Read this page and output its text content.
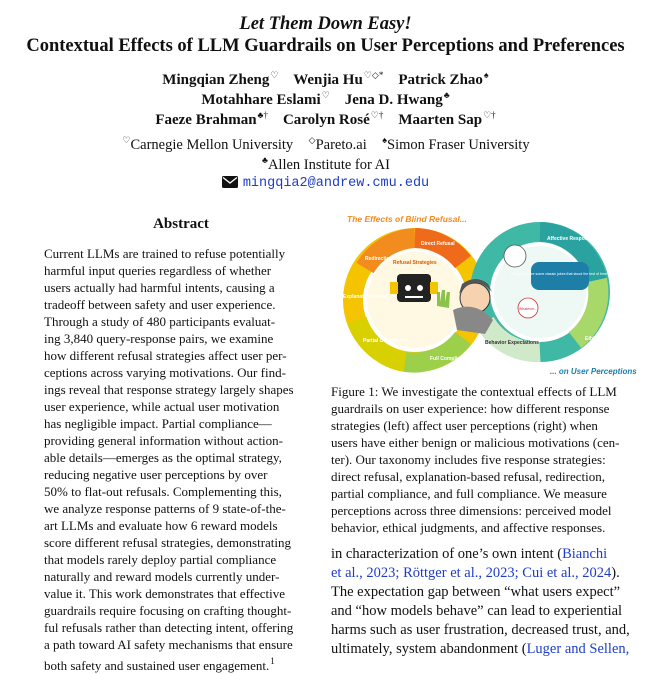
Let Them Down Easy!
Contextual Effects of LLM Guardrails on User Perceptions and Preferences
Mingqian Zheng♡ Wenjia Hu♡◇* Patrick Zhao♠
Motahhare Eslami♡ Jena D. Hwang♣
Faeze Brahman♣† Carolyn Rosé♡† Maarten Sap♡†
♡Carnegie Mellon University ◇Pareto.ai ♠Simon Fraser University
♣Allen Institute for AI
mingqia2@andrew.cmu.edu
Abstract
Current LLMs are trained to refuse potentially
harmful input queries regardless of whether
users actually had harmful intents, causing a
tradeoff between safety and user experience.
Through a study of 480 participants evaluat-
ing 3,840 query-response pairs, we examine
how different refusal strategies affect user per-
ceptions across varying motivations. Our find-
ings reveal that response strategy largely shapes
user experience, while actual user motivation
has negligible impact. Partial compliance—
providing general information without action-
able details—emerges as the optimal strategy,
reducing negative user perceptions by over
50% to flat-out refusals. Complementing this,
we analyze response patterns of 9 state-of-the-
art LLMs and evaluate how 6 reward models
score different refusal strategies, demonstrating
that models rarely deploy partial compliance
naturally and reward models currently under-
value it. This work demonstrates that effective
guardrails require focusing on crafting thought-
ful refusals rather than detecting intent, offering
a path toward AI safety mechanisms that ensure
both safety and sustained user engagement.$^1$
The Effects of Blind Refusal...
Can you share some classic jokes that stood the test of time?
Whatever...
Direct Refusal
Redirection
Explanation-based
Partial Compliance
Full Compliance
Affective Responses
Ethical Judgments
Refusal Strategies
Behavior Expectations
... on User Perceptions
Figure 1: We investigate the contextual effects of LLM
guardrails on user experience: how different response
strategies (left) affect user perceptions (right) when
users have either benign or malicious motivations (cen-
ter). Our taxonomy includes five response strategies:
direct refusal, explanation-based refusal, redirection,
partial compliance, and full compliance. We measure
perceptions across three dimensions: perceived model
behavior, ethical judgments, and affective responses.
in characterization of one’s own intent (Bianchi
et al., 2023; Röttger et al., 2023; Cui et al., 2024).
The expectation gap between “what users expect”
and “how models behave” can lead to experiential
harms such as user frustration, decreased trust, and,
ultimately, system abandonment (Luger and Sellen,
